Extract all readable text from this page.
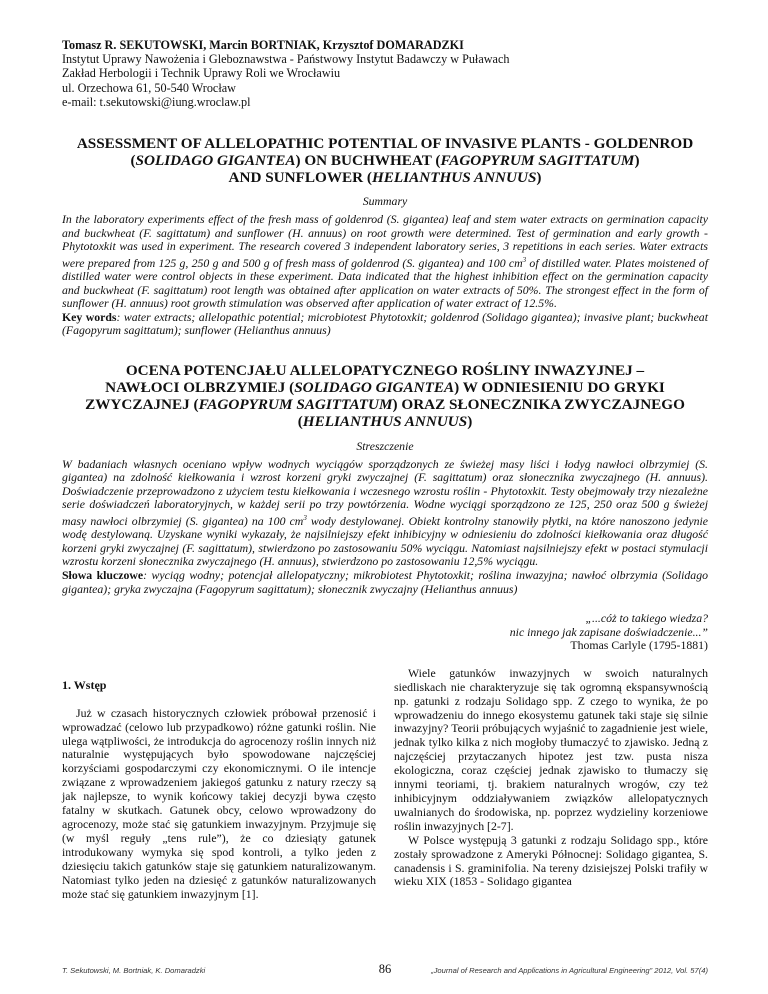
Tomasz R. SEKUTOWSKI, Marcin BORTNIAK, Krzysztof DOMARADZKI
Instytut Uprawy Nawożenia i Gleboznawstwa - Państwowy Instytut Badawczy w Puławach
Zakład Herbologii i Technik Uprawy Roli we Wrocławiu
ul. Orzechowa 61, 50-540 Wrocław
e-mail: t.sekutowski@iung.wroclaw.pl
ASSESSMENT OF ALLELOPATHIC POTENTIAL OF INVASIVE PLANTS - GOLDENROD
(SOLIDAGO GIGANTEA) ON BUCHWHEAT (FAGOPYRUM SAGITTATUM)
AND SUNFLOWER (HELIANTHUS ANNUUS)
Summary
In the laboratory experiments effect of the fresh mass of goldenrod (S. gigantea) leaf and stem water extracts on germination capacity and buckwheat (F. sagittatum) and sunflower (H. annuus) on root growth were determined. Test of germination and early growth - Phytotoxkit was used in experiment. The research covered 3 independent laboratory series, 3 repetitions in each series. Water extracts were prepared from 125 g, 250 g and 500 g of fresh mass of goldenrod (S. gigantea) and 100 $cm^3$ of distilled water. Plates moistened of distilled water were control objects in these experiment. Data indicated that the highest inhibition effect on the germination capacity and buckwheat (F. sagittatum) root length was obtained after application on water extracts of 50%. The strongest effect in the form of sunflower (H. annuus) root growth stimulation was observed after application of water extract of 12.5%.
Key words: water extracts; allelopathic potential; microbiotest Phytotoxkit; goldenrod (Solidago gigantea); invasive plant; buckwheat (Fagopyrum sagittatum); sunflower (Helianthus annuus)
OCENA POTENCJAŁU ALLELOPATYCZNEGO ROŚLINY INWAZYJNEJ –
NAWŁOCI OLBRZYMIEJ (SOLIDAGO GIGANTEA) W ODNIESIENIU DO GRYKI
ZWYCZAJNEJ (FAGOPYRUM SAGITTATUM) ORAZ SŁONECZNIKA ZWYCZAJNEGO
(HELIANTHUS ANNUUS)
Streszczenie
W badaniach własnych oceniano wpływ wodnych wyciągów sporządzonych ze świeżej masy liści i łodyg nawłoci olbrzymiej (S. gigantea) na zdolność kiełkowania i wzrost korzeni gryki zwyczajnej (F. sagittatum) oraz słonecznika zwyczajnego (H. annuus). Doświadczenie przeprowadzono z użyciem testu kiełkowania i wczesnego wzrostu roślin - Phytotoxkit. Testy obejmowały trzy niezależne serie doświadczeń laboratoryjnych, w każdej serii po trzy powtórzenia. Wodne wyciągi sporządzono ze 125, 250 oraz 500 g świeżej masy nawłoci olbrzymiej (S. gigantea) na 100 $cm^3$ wody destylowanej. Obiekt kontrolny stanowiły płytki, na które nanoszono jedynie wodę destylowaną. Uzyskane wyniki wykazały, że najsilniejszy efekt inhibicyjny w odniesieniu do zdolności kiełkowania oraz długość korzeni gryki zwyczajnej (F. sagittatum), stwierdzono po zastosowaniu 50% wyciągu. Natomiast najsilniejszy efekt w postaci stymulacji wzrostu korzeni słonecznika zwyczajnego (H. annuus), stwierdzono po zastosowaniu 12,5% wyciągu.
Słowa kluczowe: wyciąg wodny; potencjał allelopatyczny; mikrobiotest Phytotoxkit; roślina inwazyjna; nawłoć olbrzymia (Solidago gigantea); gryka zwyczajna (Fagopyrum sagittatum); słonecznik zwyczajny (Helianthus annuus)
„...cóż to takiego wiedza?
nic innego jak zapisane doświadczenie...”
Thomas Carlyle (1795-1881)
1. Wstęp
Już w czasach historycznych człowiek próbował przenosić i wprowadzać (celowo lub przypadkowo) różne gatunki roślin. Nie ulega wątpliwości, że introdukcja do agrocenozy roślin innych niż naturalnie występujących było spowodowane najczęściej korzyściami gospodarczymi czy ekonomicznymi. O ile intencje związane z wprowadzeniem jakiegoś gatunku z natury rzeczy są jak najlepsze, to wynik końcowy takiej decyzji bywa często fatalny w skutkach. Gatunek obcy, celowo wprowadzony do agrocenozy, może stać się gatunkiem inwazyjnym. Przyjmuje się (w myśl reguły „tens rule”), że co dziesiąty gatunek introdukowany wymyka się spod kontroli, a tylko jeden z dziesięciu takich gatunków staje się gatunkiem naturalizowanym. Natomiast tylko jeden na dziesięć z gatunków naturalizowanych może stać się gatunkiem inwazyjnym [1].
Wiele gatunków inwazyjnych w swoich naturalnych siedliskach nie charakteryzuje się tak ogromną ekspansywnością np. gatunki z rodzaju Solidago spp. Z czego to wynika, że po wprowadzeniu do innego ekosystemu gatunek taki staje się silnie inwazyjny? Teorii próbujących wyjaśnić to zagadnienie jest wiele, jednak tylko kilka z nich mogłoby tłumaczyć to zjawisko. Jedną z najczęściej przytaczanych hipotez jest tzw. pusta nisza ekologiczna, coraz częściej jednak zjawisko to tłumaczy się innymi teoriami, tj. brakiem naturalnych wrogów, czy też inhibicyjnym oddziaływaniem związków allelopatycznych uwalnianych do środowiska, np. poprzez wydzieliny korzeniowe roślin inwazyjnych [2-7].
W Polsce występują 3 gatunki z rodzaju Solidago spp., które zostały sprowadzone z Ameryki Północnej: Solidago gigantea, S. canadensis i S. graminifolia. Na tereny dzisiejszej Polski trafiły w wieku XIX (1853 - Solidago gigantea
T. Sekutowski, M. Bortniak, K. Domaradzki	86	„Journal of Research and Applications in Agricultural Engineering” 2012, Vol. 57(4)
